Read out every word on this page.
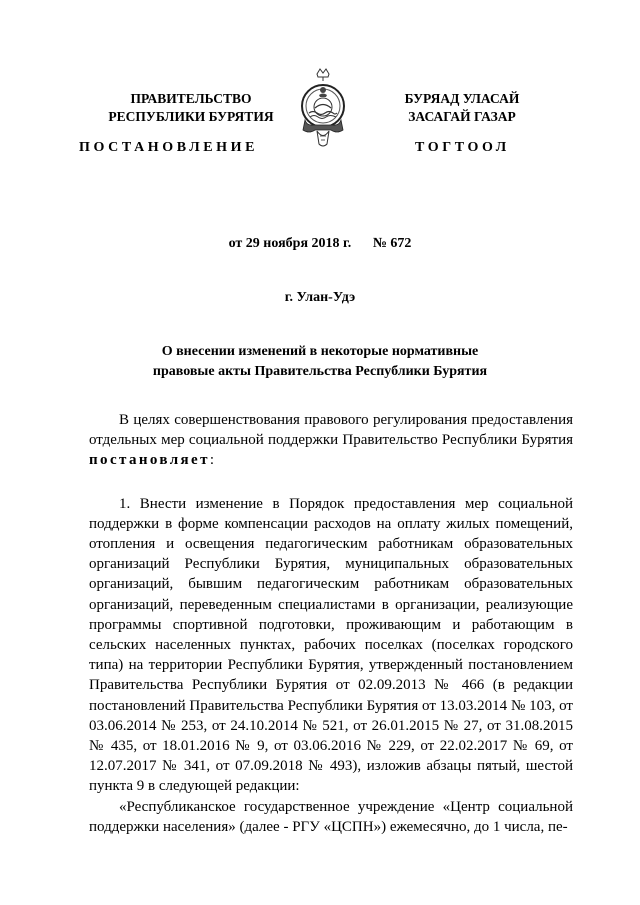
ПРАВИТЕЛЬСТВО
РЕСПУБЛИКИ БУРЯТИЯ
БУРЯАД УЛАСАЙ
ЗАСАГАЙ ГАЗАР
ПОСТАНОВЛЕНИЕ	ТОГТООЛ
от 29 ноября 2018 г. № 672
г. Улан-Удэ
О внесении изменений в некоторые нормативные
правовые акты Правительства Республики Бурятия

В целях совершенствования правового регулирования предоставления отдельных мер социальной поддержки Правительство Республики Бурятия постановляет:

1. Внести изменение в Порядок предоставления мер социальной поддержки в форме компенсации расходов на оплату жилых помещений, отопления и освещения педагогическим работникам образовательных организаций Республики Бурятия, муниципальных образовательных организаций, бывшим педагогическим работникам образовательных организаций, переведенным специалистами в организации, реализующие программы спортивной подготовки, проживающим и работающим в сельских населенных пунктах, рабочих поселках (поселках городского типа) на территории Республики Бурятия, утвержденный постановлением Правительства Республики Бурятия от 02.09.2013 № 466 (в редакции постановлений Правительства Республики Бурятия от 13.03.2014 № 103, от 03.06.2014 № 253, от 24.10.2014 № 521, от 26.01.2015 № 27, от 31.08.2015 № 435, от 18.01.2016 № 9, от 03.06.2016 № 229, от 22.02.2017 № 69, от 12.07.2017 № 341, от 07.09.2018 № 493), изложив абзацы пятый, шестой пункта 9 в следующей редакции:

«Республиканское государственное учреждение «Центр социальной поддержки населения» (далее - РГУ «ЦСПН») ежемесячно, до 1 числа, пе-
